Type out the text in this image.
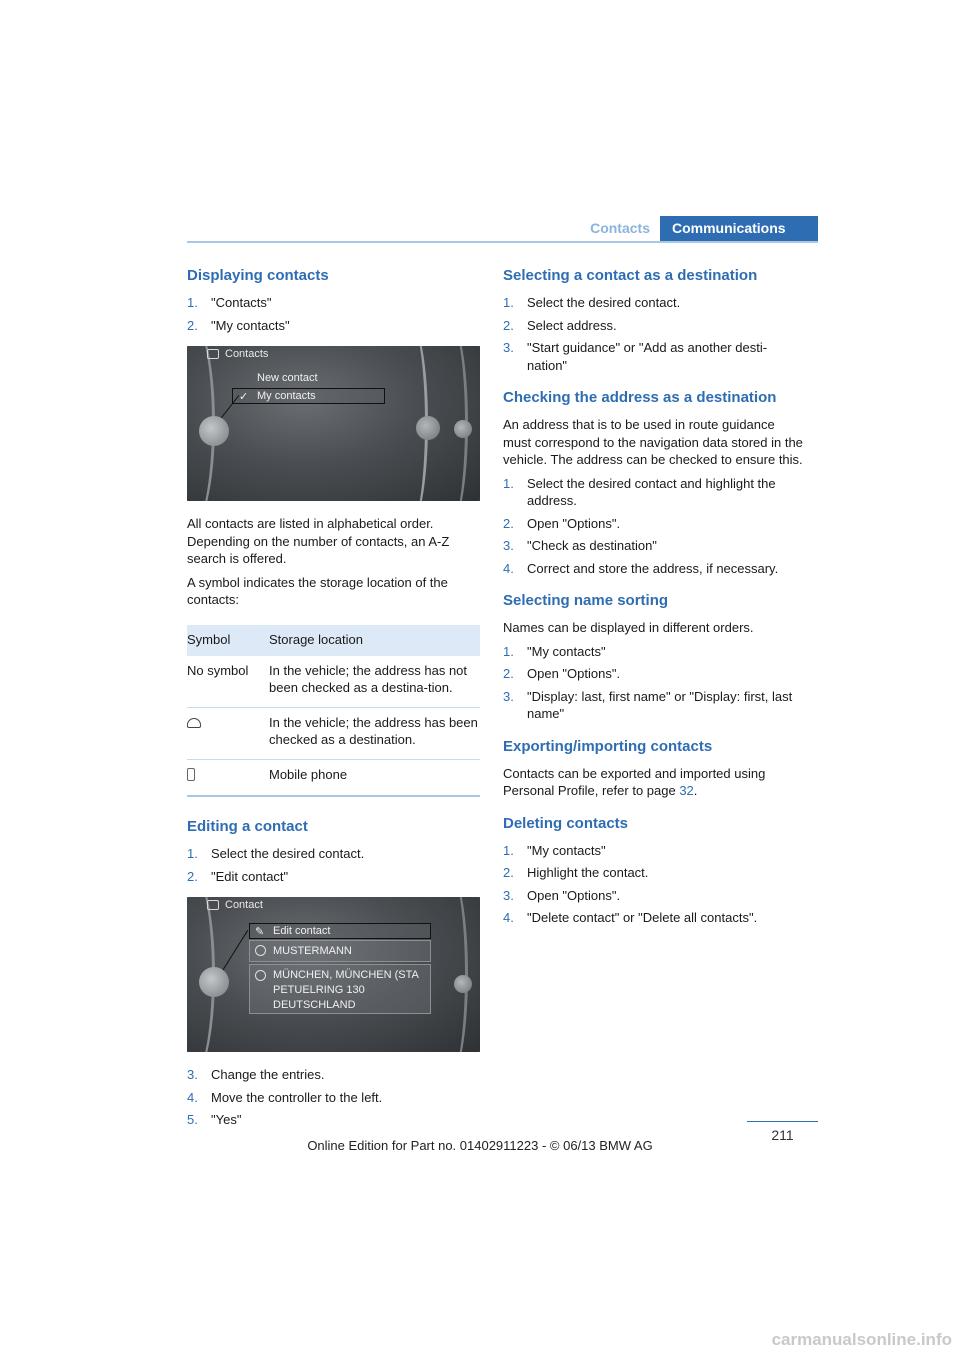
Contacts	Communications
Displaying contacts
1.	"Contacts"
2.	"My contacts"
Contacts
New contact
✓ My contacts

All contacts are listed in alphabetical order. Depending on the number of contacts, an A-Z search is offered.

A symbol indicates the storage location of the contacts:

Symbol	Storage location
No symbol	In the vehicle; the address has not been checked as a destina-tion.
	In the vehicle; the address has been checked as a destination.
	Mobile phone
Editing a contact
1.	Select the desired contact.
2.	"Edit contact"
Contact
✎ Edit contact
MUSTERMANN
MÜNCHEN, MÜNCHEN (STA
PETUELRING 130
DEUTSCHLAND
3.	Change the entries.
4.	Move the controller to the left.
5.	"Yes"
Selecting a contact as a destination
1.	Select the desired contact.
2.	Select address.
3.	"Start guidance" or "Add as another desti-nation"
Checking the address as a destination

An address that is to be used in route guidance must correspond to the navigation data stored in the vehicle. The address can be checked to ensure this.

1.	Select the desired contact and highlight the address.
2.	Open "Options".
3.	"Check as destination"
4.	Correct and store the address, if necessary.
Selecting name sorting

Names can be displayed in different orders.

1.	"My contacts"
2.	Open "Options".
3.	"Display: last, first name" or "Display: first, last name"
Exporting/importing contacts

Contacts can be exported and imported using Personal Profile, refer to page 32.

Deleting contacts
1.	"My contacts"
2.	Highlight the contact.
3.	Open "Options".
4.	"Delete contact" or "Delete all contacts".
211
Online Edition for Part no. 01402911223 - © 06/13 BMW AG
carmanualsonline.info
